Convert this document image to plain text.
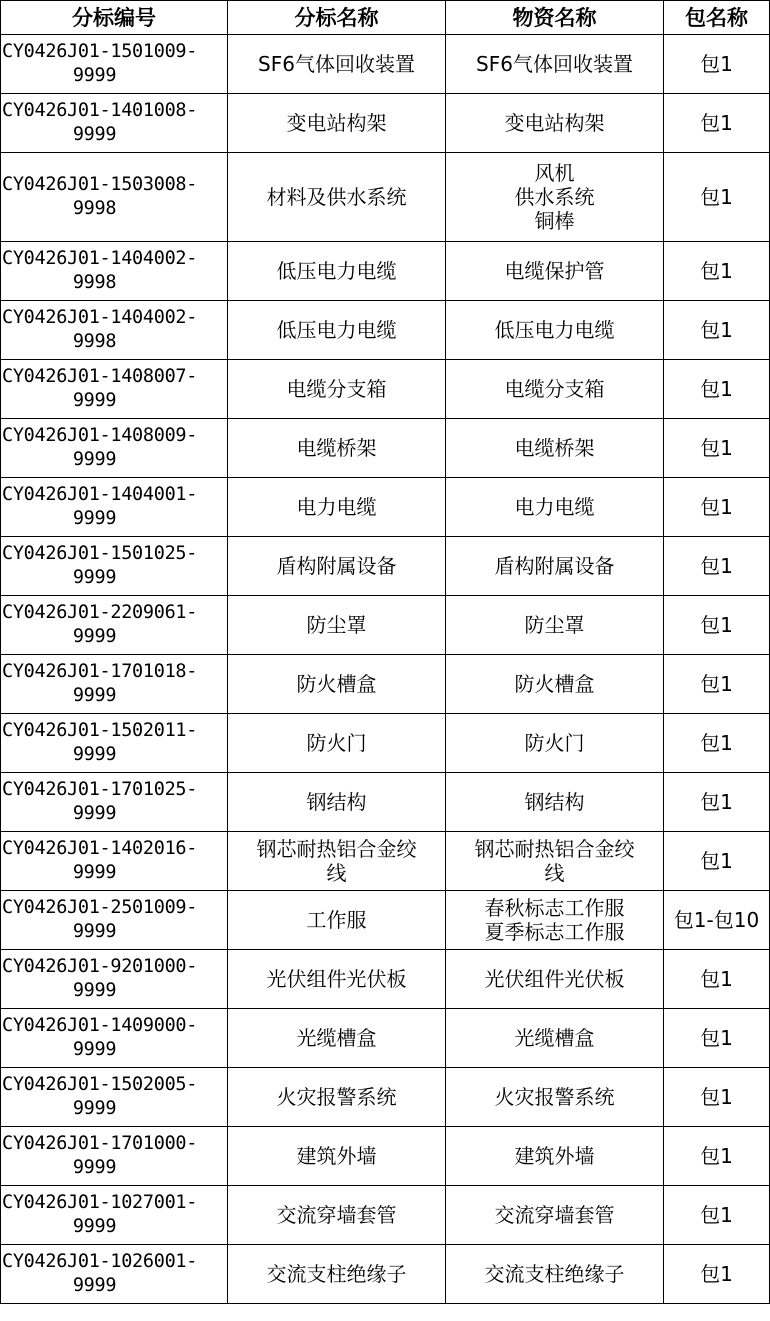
分标编号	分标名称	物资名称	包名称
CY0426J01-1501009-
9999	SF6气体回收装置	SF6气体回收装置	包1
CY0426J01-1401008-
9999	变电站构架	变电站构架	包1
CY0426J01-1503008-
9998	材料及供水系统	风机
供水系统
铜棒	包1
CY0426J01-1404002-
9998	低压电力电缆	电缆保护管	包1
CY0426J01-1404002-
9998	低压电力电缆	低压电力电缆	包1
CY0426J01-1408007-
9999	电缆分支箱	电缆分支箱	包1
CY0426J01-1408009-
9999	电缆桥架	电缆桥架	包1
CY0426J01-1404001-
9999	电力电缆	电力电缆	包1
CY0426J01-1501025-
9999	盾构附属设备	盾构附属设备	包1
CY0426J01-2209061-
9999	防尘罩	防尘罩	包1
CY0426J01-1701018-
9999	防火槽盒	防火槽盒	包1
CY0426J01-1502011-
9999	防火门	防火门	包1
CY0426J01-1701025-
9999	钢结构	钢结构	包1
CY0426J01-1402016-
9999	钢芯耐热铝合金绞
线	钢芯耐热铝合金绞
线	包1
CY0426J01-2501009-
9999	工作服	春秋标志工作服
夏季标志工作服	包1-包10
CY0426J01-9201000-
9999	光伏组件光伏板	光伏组件光伏板	包1
CY0426J01-1409000-
9999	光缆槽盒	光缆槽盒	包1
CY0426J01-1502005-
9999	火灾报警系统	火灾报警系统	包1
CY0426J01-1701000-
9999	建筑外墙	建筑外墙	包1
CY0426J01-1027001-
9999	交流穿墙套管	交流穿墙套管	包1
CY0426J01-1026001-
9999	交流支柱绝缘子	交流支柱绝缘子	包1
